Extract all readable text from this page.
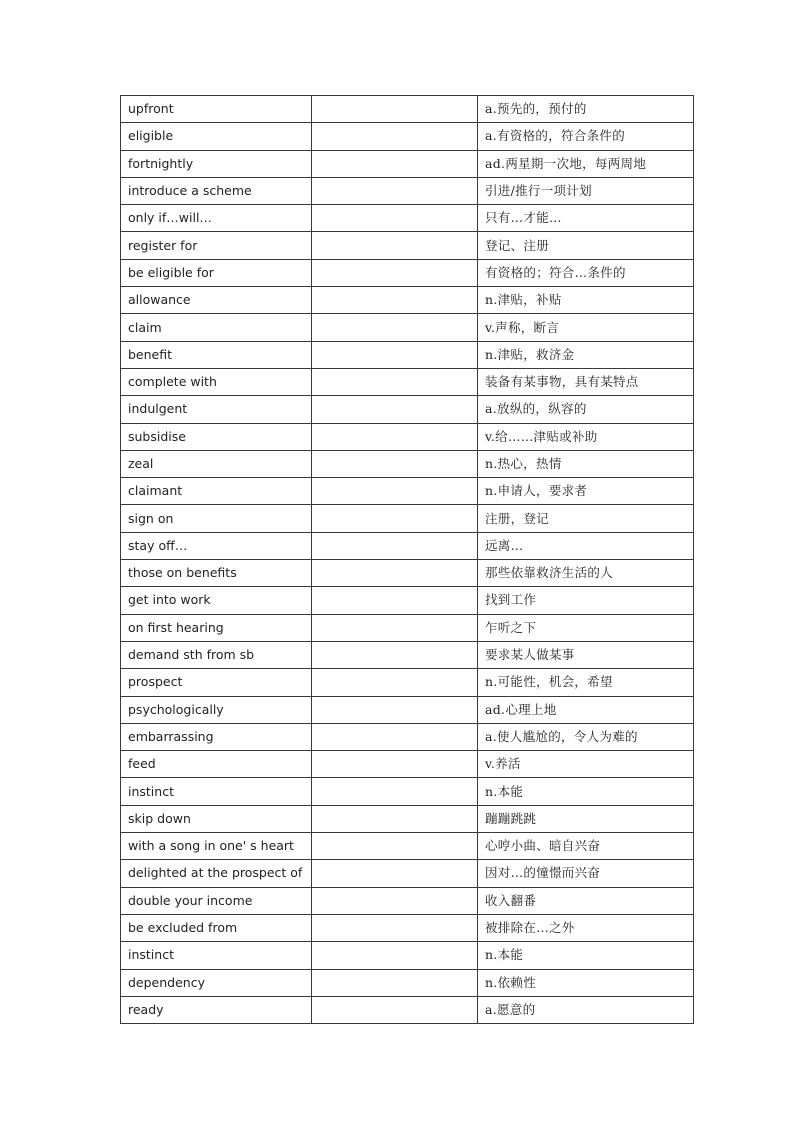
upfront		a.预先的，预付的
eligible		a.有资格的，符合条件的
fortnightly		ad.两星期一次地，每两周地
introduce a scheme		引进/推行一项计划
only if…will…		只有…才能…
register for		登记、注册
be eligible for		有资格的；符合…条件的
allowance		n.津贴，补贴
claim		v.声称，断言
benefit		n.津贴，救济金
complete with		装备有某事物，具有某特点
indulgent		a.放纵的，纵容的
subsidise		v.给……津贴或补助
zeal		n.热心，热情
claimant		n.申请人，要求者
sign on		注册，登记
stay off…		远离…
those on benefits		那些依靠救济生活的人
get into work		找到工作
on first hearing		乍听之下
demand sth from sb		要求某人做某事
prospect		n.可能性，机会，希望
psychologically		ad.心理上地
embarrassing		a.使人尴尬的，令人为难的
feed		v.养活
instinct		n.本能
skip down		蹦蹦跳跳
with a song in one' s heart		心哼小曲、暗自兴奋
delighted at the prospect of		因对…的憧憬而兴奋
double your income		收入翻番
be excluded from		被排除在…之外
instinct		n.本能
dependency		n.依赖性
ready		a.愿意的
